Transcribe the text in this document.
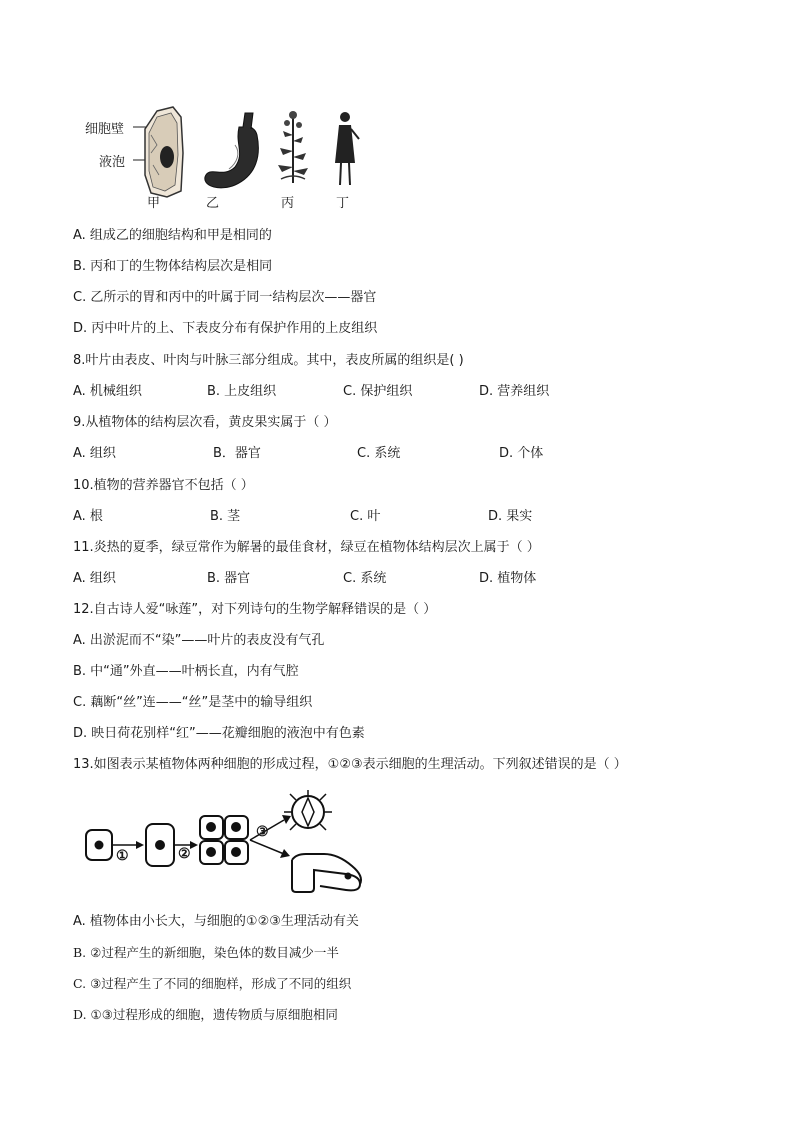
细胞壁
液泡
甲	乙	丙	丁
A. 组成乙的细胞结构和甲是相同的
B. 丙和丁的生物体结构层次是相同
C. 乙所示的胃和丙中的叶属于同一结构层次——器官
D. 丙中叶片的上、下表皮分布有保护作用的上皮组织
8.叶片由表皮、叶肉与叶脉三部分组成。其中，表皮所属的组织是( )
A. 机械组织	B. 上皮组织	C. 保护组织	D. 营养组织
9.从植物体的结构层次看，黄皮果实属于（ ）
A. 组织	B．器官	C. 系统	D. 个体
10.植物的营养器官不包括（ ）
A. 根	B. 茎	C. 叶	D. 果实
11.炎热的夏季，绿豆常作为解暑的最佳食材，绿豆在植物体结构层次上属于（ ）
A. 组织	B. 器官	C. 系统	D. 植物体
12.自古诗人爱“咏莲”，对下列诗句的生物学解释错误的是（ ）
A. 出淤泥而不“染”——叶片的表皮没有气孔
B. 中“通”外直——叶柄长直，内有气腔
C. 藕断“丝”连——“丝”是茎中的输导组织
D. 映日荷花别样“红”——花瓣细胞的液泡中有色素
13.如图表示某植物体两种细胞的形成过程，①②③表示细胞的生理活动。下列叙述错误的是（ ）
①	②
③
A. 植物体由小长大，与细胞的①②③生理活动有关
B. ②过程产生的新细胞，染色体的数目减少一半
C. ③过程产生了不同的细胞样，形成了不同的组织
D. ①③过程形成的细胞，遗传物质与原细胞相同
